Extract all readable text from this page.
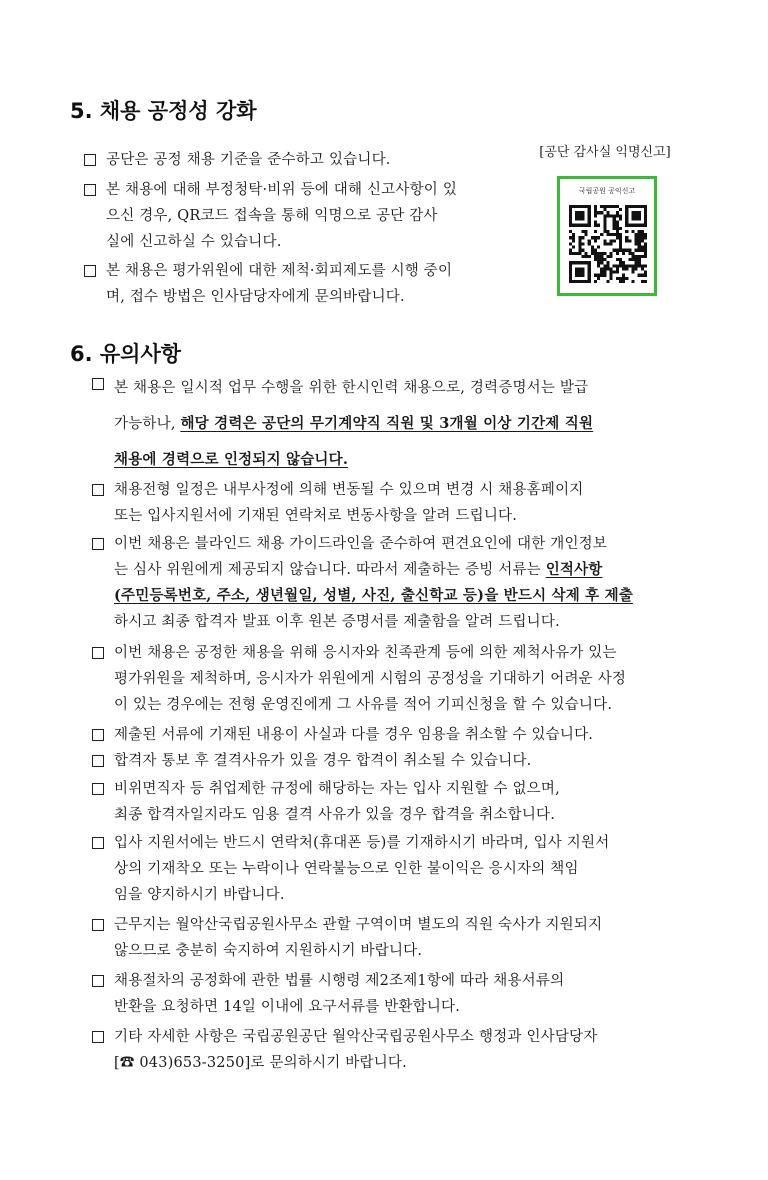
5. 채용 공정성 강화
공단은 공정 채용 기준을 준수하고 있습니다.
본 채용에 대해 부정청탁·비위 등에 대해 신고사항이 있
으신 경우, QR코드 접속을 통해 익명으로 공단 감사
실에 신고하실 수 있습니다.
본 채용은 평가위원에 대한 제척·회피제도를 시행 중이
며, 접수 방법은 인사담당자에게 문의바랍니다.

[공단 감사실 익명신고]

국립공원 공익신고
6. 유의사항
본 채용은 일시적 업무 수행을 위한 한시인력 채용으로, 경력증명서는 발급
가능하나, 해당 경력은 공단의 무기계약직 직원 및 3개월 이상 기간제 직원
채용에 경력으로 인정되지 않습니다.
채용전형 일정은 내부사정에 의해 변동될 수 있으며 변경 시 채용홈페이지
또는 입사지원서에 기재된 연락처로 변동사항을 알려 드립니다.
이번 채용은 블라인드 채용 가이드라인을 준수하여 편견요인에 대한 개인정보
는 심사 위원에게 제공되지 않습니다. 따라서 제출하는 증빙 서류는 인적사항
(주민등록번호, 주소, 생년월일, 성별, 사진, 출신학교 등)을 반드시 삭제 후 제출
하시고 최종 합격자 발표 이후 원본 증명서를 제출함을 알려 드립니다.
이번 채용은 공정한 채용을 위해 응시자와 친족관계 등에 의한 제척사유가 있는
평가위원을 제척하며, 응시자가 위원에게 시험의 공정성을 기대하기 어려운 사정
이 있는 경우에는 전형 운영진에게 그 사유를 적어 기피신청을 할 수 있습니다.
제출된 서류에 기재된 내용이 사실과 다를 경우 임용을 취소할 수 있습니다.
합격자 통보 후 결격사유가 있을 경우 합격이 취소될 수 있습니다.
비위면직자 등 취업제한 규정에 해당하는 자는 입사 지원할 수 없으며,
최종 합격자일지라도 임용 결격 사유가 있을 경우 합격을 취소합니다.
입사 지원서에는 반드시 연락처(휴대폰 등)를 기재하시기 바라며, 입사 지원서
상의 기재착오 또는 누락이나 연락불능으로 인한 불이익은 응시자의 책임
임을 양지하시기 바랍니다.
근무지는 월악산국립공원사무소 관할 구역이며 별도의 직원 숙사가 지원되지
않으므로 충분히 숙지하여 지원하시기 바랍니다.
채용절차의 공정화에 관한 법률 시행령 제2조제1항에 따라 채용서류의
반환을 요청하면 14일 이내에 요구서류를 반환합니다.
기타 자세한 사항은 국립공원공단 월악산국립공원사무소 행정과 인사담당자
[☎ 043)653-3250]로 문의하시기 바랍니다.
